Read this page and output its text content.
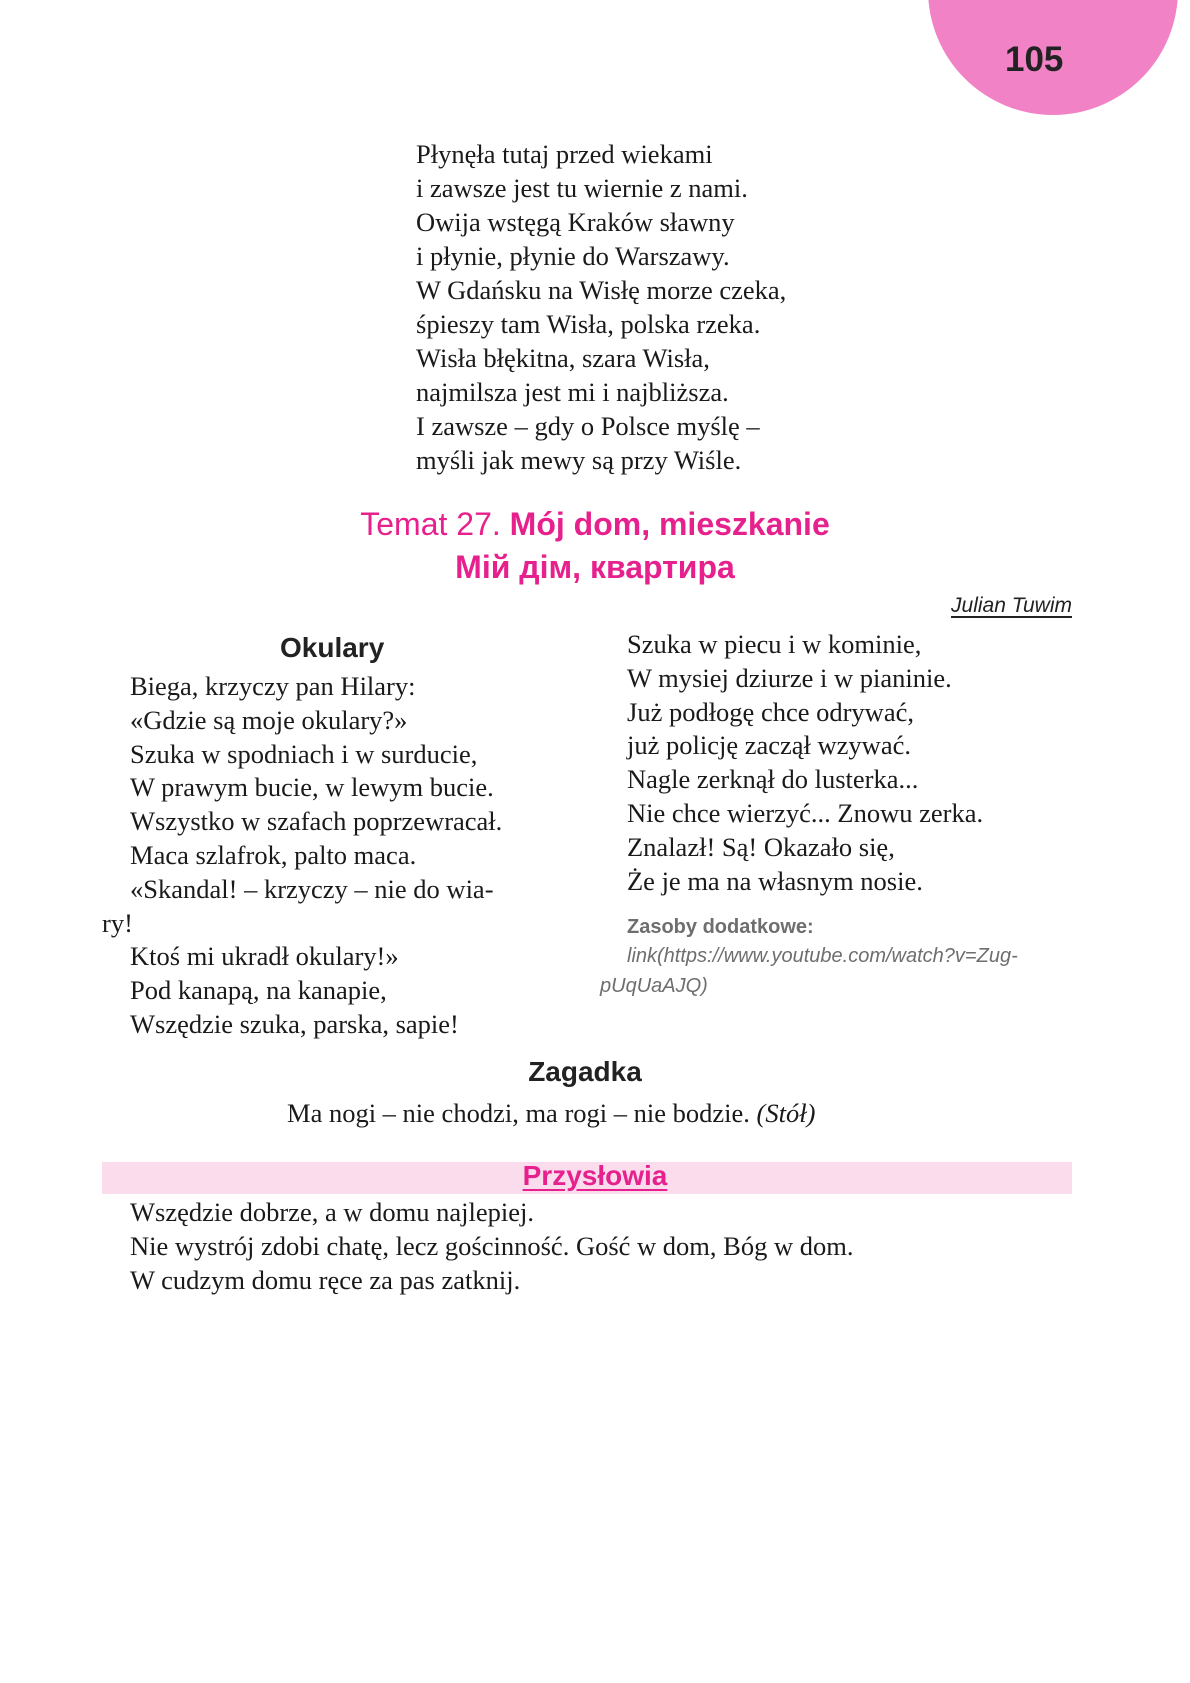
105
Płynęła tutaj przed wiekami
i zawsze jest tu wiernie z nami.
Owija wstęgą Kraków sławny
i płynie, płynie do Warszawy.
W Gdańsku na Wisłę morze czeka,
śpieszy tam Wisła, polska rzeka.
Wisła błękitna, szara Wisła,
najmilsza jest mi i najbliższa.
I zawsze – gdy o Polsce myślę –
myśli jak mewy są przy Wiśle.
Temat 27. Mój dom, mieszkanie
Мій дім, квартира
Julian Tuwim
Okulary
Biega, krzyczy pan Hilary:
«Gdzie są moje okulary?»
Szuka w spodniach i w surducie,
W prawym bucie, w lewym bucie.
Wszystko w szafach poprzewracał.
Maca szlafrok, palto maca.
«Skandal! – krzyczy – nie do wia-
ry!
Ktoś mi ukradł okulary!»
Pod kanapą, na kanapie,
Wszędzie szuka, parska, sapie!
Szuka w piecu i w kominie,
W mysiej dziurze i w pianinie.
Już podłogę chce odrywać,
już policję zaczął wzywać.
Nagle zerknął do lusterka...
Nie chce wierzyć... Znowu zerka.
Znalazł! Są! Okazało się,
Że je ma na własnym nosie.
Zasoby dodatkowe:
link(https://www.youtube.com/watch?v=Zug-
pUqUaAJQ)
Zagadka
Ma nogi – nie chodzi, ma rogi – nie bodzie. (Stół)
Przysłowia
Wszędzie dobrze, a w domu najlepiej.
Nie wystrój zdobi chatę, lecz gościnność. Gość w dom, Bóg w dom.
W cudzym domu ręce za pas zatknij.
